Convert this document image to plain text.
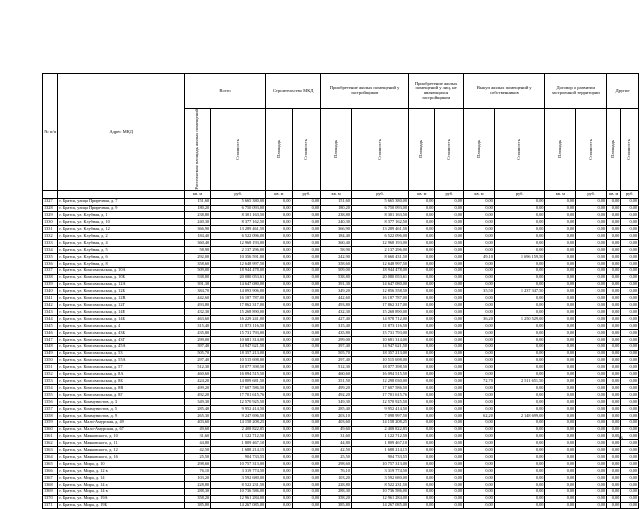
№ п/п	Адрес МКД	Всего		Строительство МКД		Приобретение жилых помещений у застройщиков		Приобретение жилых помещений у лиц, не являющихся застройщиком		Выкуп жилых помещений у собственников		Договор о развитии застроенной территории		Другие	

		Расселяемая площадь жилых помещений	Стоимость	Площадь	Стоимость	Площадь	Стоимость	Площадь	Стоимость	Площадь	Стоимость	Площадь	Стоимость	Площадь	Стоимость

		кв. м	руб.	кв. м	руб.	кв. м	руб.	кв. м	руб.	кв. м	руб.	кв. м	руб.	кв. м	руб.
1327	г. Братск, улица Приречная, д. 7	151,60	5 665 380,00	0,00	0,00	151,60	5 665 380,00	0,00	0,00	0,00	0,00	0,00	0,00	0,00	0,00
1328	г. Братск, улица Приречная, д. 9	180,20	6 750 093,00	0,00	0,00	180,20	6 750 093,00	0,00	0,00	0,00	0,00	0,00	0,00	0,00	0,00
1329	г. Братск, ул. Клубная, д. 1	238,80	8 301 163,50	0,00	0,00	238,80	8 301 163,50	0,00	0,00	0,00	0,00	0,00	0,00	0,00	0,00
1330	г. Братск, ул. Клубная, д. 10	240,30	8 377 162,50	0,00	0,00	240,30	8 377 162,50	0,00	0,00	0,00	0,00	0,00	0,00	0,00	0,00
1331	г. Братск, ул. Клубная, д. 12	366,90	13 289 461,50	0,00	0,00	366,90	13 289 461,50	0,00	0,00	0,00	0,00	0,00	0,00	0,00	0,00
1332	г. Братск, ул. Клубная, д. 2	184,40	6 522 096,00	0,00	0,00	184,40	6 522 096,00	0,00	0,00	0,00	0,00	0,00	0,00	0,00	0,00
1333	г. Братск, ул. Клубная, д. 4	360,40	12 968 193,00	0,00	0,00	360,40	12 968 193,00	0,00	0,00	0,00	0,00	0,00	0,00	0,00	0,00
1334	г. Братск, ул. Клубная, д. 5	58,90	2 137 296,00	0,00	0,00	58,90	2 137 296,00	0,00	0,00	0,00	0,00	0,00	0,00	0,00	0,00
1335	г. Братск, ул. Клубная, д. 6	292,00	10 356 591,00	0,00	0,00	242,90	8 660 431,50	0,00	0,00	49,10	1 696 159,50	0,00	0,00	0,00	0,00
1336	г. Братск, ул. Клубная, д. 8	358,60	12 648 997,50	0,00	0,00	358,60	12 648 997,50	0,00	0,00	0,00	0,00	0,00	0,00	0,00	0,00
1337	г. Братск, ул. Комсомольская, д. 10А	509,00	18 944 478,00	0,00	0,00	509,00	18 944 478,00	0,00	0,00	0,00	0,00	0,00	0,00	0,00	0,00
1338	г. Братск, ул. Комсомольская, д. 10Б	538,80	20 080 053,61	0,00	0,00	538,80	20 080 053,61	0,00	0,00	0,00	0,00	0,00	0,00	0,00	0,00
1339	г. Братск, ул. Комсомольская, д. 12А	391,30	14 647 080,00	0,00	0,00	391,30	14 647 080,00	0,00	0,00	0,00	0,00	0,00	0,00	0,00	0,00
1340	г. Братск, ул. Комсомольская, д. 12Б	384,70	14 093 906,00	0,00	0,00	349,20	12 856 558,50	0,00	0,00	35,50	1 237 347,50	0,00	0,00	0,00	0,00
1341	г. Братск, ул. Комсомольская, д. 12В	442,60	16 187 787,00	0,00	0,00	442,60	16 187 787,00	0,00	0,00	0,00	0,00	0,00	0,00	0,00	0,00
1342	г. Братск, ул. Комсомольская, д. 12Г	493,80	17 862 317,00	0,00	0,00	493,80	17 862 317,00	0,00	0,00	0,00	0,00	0,00	0,00	0,00	0,00
1343	г. Братск, ул. Комсомольская, д. 14Е	432,30	15 268 890,00	0,00	0,00	432,30	15 268 890,00	0,00	0,00	0,00	0,00	0,00	0,00	0,00	0,00
1344	г. Братск, ул. Комсомольская, д. 14Б	463,60	16 229 241,00	0,00	0,00	427,40	14 978 712,00	0,00	0,00	36,20	1 250 529,00	0,00	0,00	0,00	0,00
1345	г. Братск, ул. Комсомольская, д. 4	315,40	11 873 116,50	0,00	0,00	315,40	11 873 116,50	0,00	0,00	0,00	0,00	0,00	0,00	0,00	0,00
1346	г. Братск, ул. Комсомольская, д. 43Б	435,80	15 731 793,00	0,00	0,00	435,80	15 731 793,00	0,00	0,00	0,00	0,00	0,00	0,00	0,00	0,00
1347	г. Братск, ул. Комсомольская, д. 43Г	299,00	10 681 314,00	0,00	0,00	299,00	10 681 314,00	0,00	0,00	0,00	0,00	0,00	0,00	0,00	0,00
1348	г. Братск, ул. Комсомольская, д. 45А	397,40	14 947 621,50	0,00	0,00	397,40	14 947 621,50	0,00	0,00	0,00	0,00	0,00	0,00	0,00	0,00
1349	г. Братск, ул. Комсомольская, д. 53	505,70	18 357 213,00	0,00	0,00	505,70	18 357 213,00	0,00	0,00	0,00	0,00	0,00	0,00	0,00	0,00
1350	г. Братск, ул. Комсомольская, д. 55А	297,40	10 515 698,00	0,00	0,00	297,40	10 515 698,00	0,00	0,00	0,00	0,00	0,00	0,00	0,00	0,00
1351	г. Братск, ул. Комсомольская, д. 57	512,30	18 077 398,50	0,00	0,00	512,30	18 077 398,50	0,00	0,00	0,00	0,00	0,00	0,00	0,00	0,00
1352	г. Братск, ул. Комсомольская, д. 8А	460,60	16 094 515,50	0,00	0,00	460,60	16 094 515,50	0,00	0,00	0,00	0,00	0,00	0,00	0,00	0,00
1353	г. Братск, ул. Комсомольская, д. 8Б	424,20	14 809 681,50	0,00	0,00	351,50	12 298 030,00	0,00	0,00	72,70	2 511 651,50	0,00	0,00	0,00	0,00
1354	г. Братск, ул. Комсомольская, д. 8В	499,20	17 607 586,50	0,00	0,00	499,20	17 607 586,50	0,00	0,00	0,00	0,00	0,00	0,00	0,00	0,00
1355	г. Братск, ул. Комсомольская, д. 8Г	492,20	17 701 615,76	0,00	0,00	492,20	17 701 615,76	0,00	0,00	0,00	0,00	0,00	0,00	0,00	0,00
1356	г. Братск, ул. Коммунистов, д. 3	349,30	12 570 925,50	0,00	0,00	349,30	12 570 925,50	0,00	0,00	0,00	0,00	0,00	0,00	0,00	0,00
1357	г. Братск, ул. Коммунистов, д. 5	285,40	9 952 414,50	0,00	0,00	285,40	9 952 414,50	0,00	0,00	0,00	0,00	0,00	0,00	0,00	0,00
1358	г. Братск, ул. Коммунистов, д. 9	265,30	9 247 696,50	0,00	0,00	203,10	7 098 997,50	0,00	0,00	62,20	2 148 699,00	0,00	0,00	0,00	0,00
1359	г. Братск, ул. Мало-Амурская, д. 49	403,60	14 158 208,25	0,00	0,00	403,60	14 158 208,25	0,00	0,00	0,00	0,00	0,00	0,00	0,00	0,00
1360	г. Братск, ул. Мало-Амурская, д. 67	49,60	2 408 822,85	0,00	0,00	49,60	2 408 822,85	0,00	0,00	0,00	0,00	0,00	0,00	0,00	0,00
1361	г. Братск, ул. Маяковского, д. 10	31,60	1 122 712,50	0,00	0,00	31,60	1 122 712,50	0,00	0,00	0,00	0,00	0,00	0,00	0,00	0,00
1362	г. Братск, ул. Маяковского, д. 11	44,80	1 809 467,10	0,00	0,00	44,80	1 809 467,10	0,00	0,00	0,00	0,00	0,00	0,00	0,00	0,00
1363	г. Братск, ул. Маяковского, д. 12	42,50	1 688 214,15	0,00	0,00	42,50	1 688 214,15	0,00	0,00	0,00	0,00	0,00	0,00	0,00	0,00
1364	г. Братск, ул. Маяковского, д. 16	25,50	904 733,55	0,00	0,00	25,50	904 733,55	0,00	0,00	0,00	0,00	0,00	0,00	0,00	0,00
1365	г. Братск, ул. Мира, д. 10	298,60	10 757 313,00	0,00	0,00	298,60	10 757 313,00	0,00	0,00	0,00	0,00	0,00	0,00	0,00	0,00
1366	г. Братск, ул. Мира, д. 12 в	76,10	3 319 774,50	0,00	0,00	76,10	3 319 774,50	0,00	0,00	0,00	0,00	0,00	0,00	0,00	0,00
1367	г. Братск, ул. Мира, д. 14	103,20	3 592 680,00	0,00	0,00	103,20	3 592 680,00	0,00	0,00	0,00	0,00	0,00	0,00	0,00	0,00
1368	г. Братск, ул. Мира, д. 14 а	228,80	8 522 231,50	0,00	0,00	228,80	8 522 231,50	0,00	0,00	0,00	0,00	0,00	0,00	0,00	0,00
1369	г. Братск, ул. Мира, д. 14 в	288,30	10 736 586,00	0,00	0,00	288,30	10 736 586,00	0,00	0,00	0,00	0,00	0,00	0,00	0,00	0,00
1370	г. Братск, ул. Мира, д. 19А	358,20	12 961 284,00	0,00	0,00	358,20	12 961 284,00	0,00	0,00	0,00	0,00	0,00	0,00	0,00	0,00
1371	г. Братск, ул. Мира, д. 19Б	385,80	14 267 085,00	0,00	0,00	385,80	14 267 085,00	0,00	0,00	0,00	0,00	0,00	0,00	0,00	0,00
16
